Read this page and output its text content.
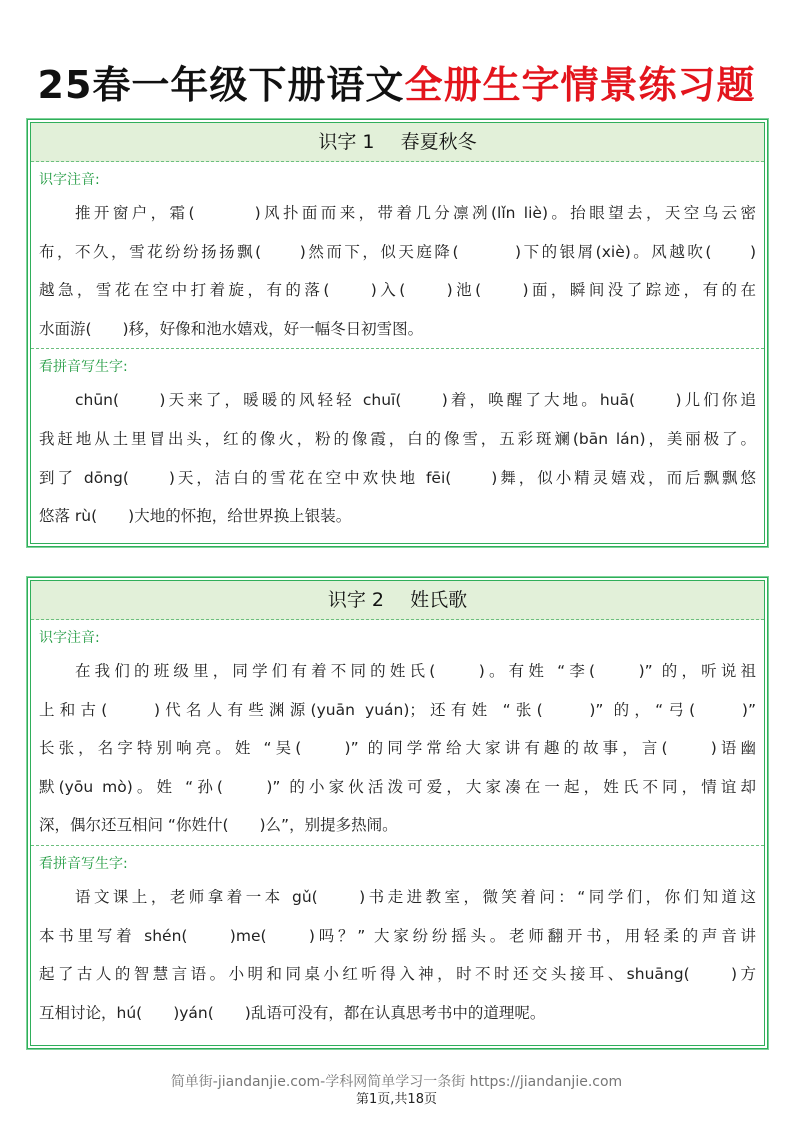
25春一年级下册语文全册生字情景练习题
识字 1 春夏秋冬
识字注音:
推开窗户，霜(　　　)风扑面而来，带着几分凛冽(lǐn liè)。抬眼望去，天空乌云密
布，不久，雪花纷纷扬扬飘(　　)然而下，似天庭降(　　　)下的银屑(xiè)。风越吹(　　)
越急，雪花在空中打着旋，有的落(　　)入(　　)池(　　)面，瞬间没了踪迹，有的在
水面游(　　)移，好像和池水嬉戏，好一幅冬日初雪图。
看拼音写生字:
chūn(　　)天来了，暖暖的风轻轻 chuī(　　)着，唤醒了大地。huā(　　)儿们你追
我赶地从土里冒出头，红的像火，粉的像霞，白的像雪，五彩斑斓(bān lán)，美丽极了。
到了 dōng(　　)天，洁白的雪花在空中欢快地 fēi(　　)舞，似小精灵嬉戏，而后飘飘悠
悠落 rù(　　)大地的怀抱，给世界换上银装。
识字 2 姓氏歌
识字注音:
在我们的班级里，同学们有着不同的姓氏(　　)。有姓 “李(　　)” 的，听说祖
上和古(　　)代名人有些渊源(yuān yuán)；还有姓 “张(　　)” 的，“弓(　　)”
长张，名字特别响亮。姓 “吴(　　)” 的同学常给大家讲有趣的故事，言(　　)语幽
默(yōu mò)。姓 “孙(　　)” 的小家伙活泼可爱，大家凑在一起，姓氏不同，情谊却
深，偶尔还互相问 “你姓什(　　)么”，别提多热闹。
看拼音写生字:
语文课上，老师拿着一本 gǔ(　　)书走进教室，微笑着问：“同学们，你们知道这
本书里写着 shén(　　)me(　　)吗？” 大家纷纷摇头。老师翻开书，用轻柔的声音讲
起了古人的智慧言语。小明和同桌小红听得入神，时不时还交头接耳、shuāng(　　)方
互相讨论，hú(　　)yán(　　)乱语可没有，都在认真思考书中的道理呢。
简单街-jiandanjie.com-学科网简单学习一条街 https://jiandanjie.com
第1页,共18页
